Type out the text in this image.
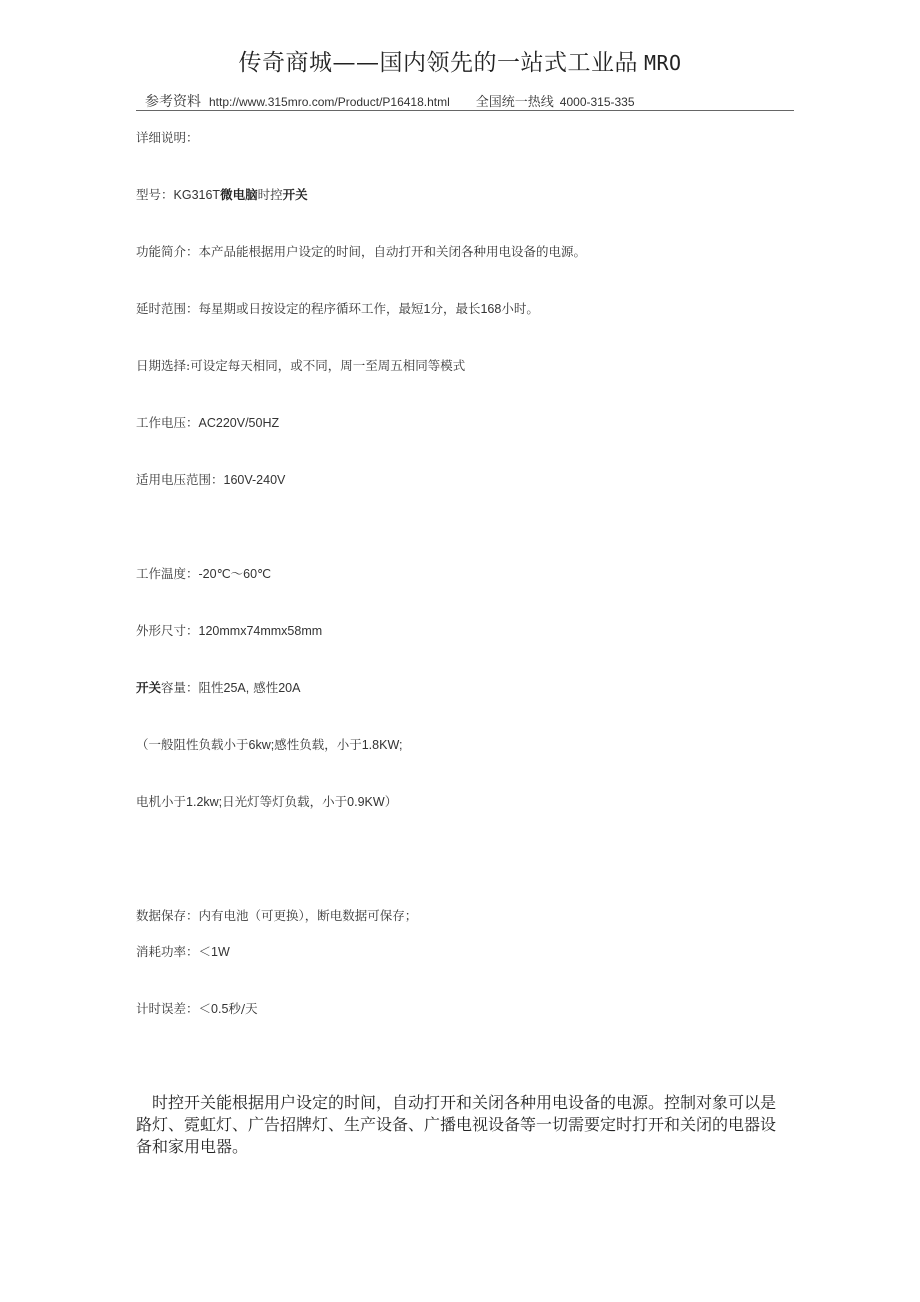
传奇商城——国内领先的一站式工业品 MRO
参考资料 http://www.315mro.com/Product/P16418.html 全国统一热线 4000-315-335
详细说明：
型号：KG316T微电脑时控开关
功能简介：本产品能根据用户设定的时间，自动打开和关闭各种用电设备的电源。
延时范围：每星期或日按设定的程序循环工作，最短1分，最长168小时。
日期选择:可设定每天相同，或不同，周一至周五相同等模式
工作电压：AC220V/50HZ
适用电压范围：160V-240V
工作温度：-20℃～60℃
外形尺寸：120mmx74mmx58mm
开关容量：阻性25A, 感性20A
（一般阻性负载小于6kw;感性负载，小于1.8KW;
电机小于1.2kw;日光灯等灯负载，小于0.9KW）
数据保存：内有电池（可更换），断电数据可保存；
消耗功率：＜1W
计时误差：＜0.5秒/天
时控开关能根据用户设定的时间，自动打开和关闭各种用电设备的电源。控制对象可以是 路灯、霓虹灯、广告招牌灯、生产设备、广播电视设备等一切需要定时打开和关闭的电器设 备和家用电器。
